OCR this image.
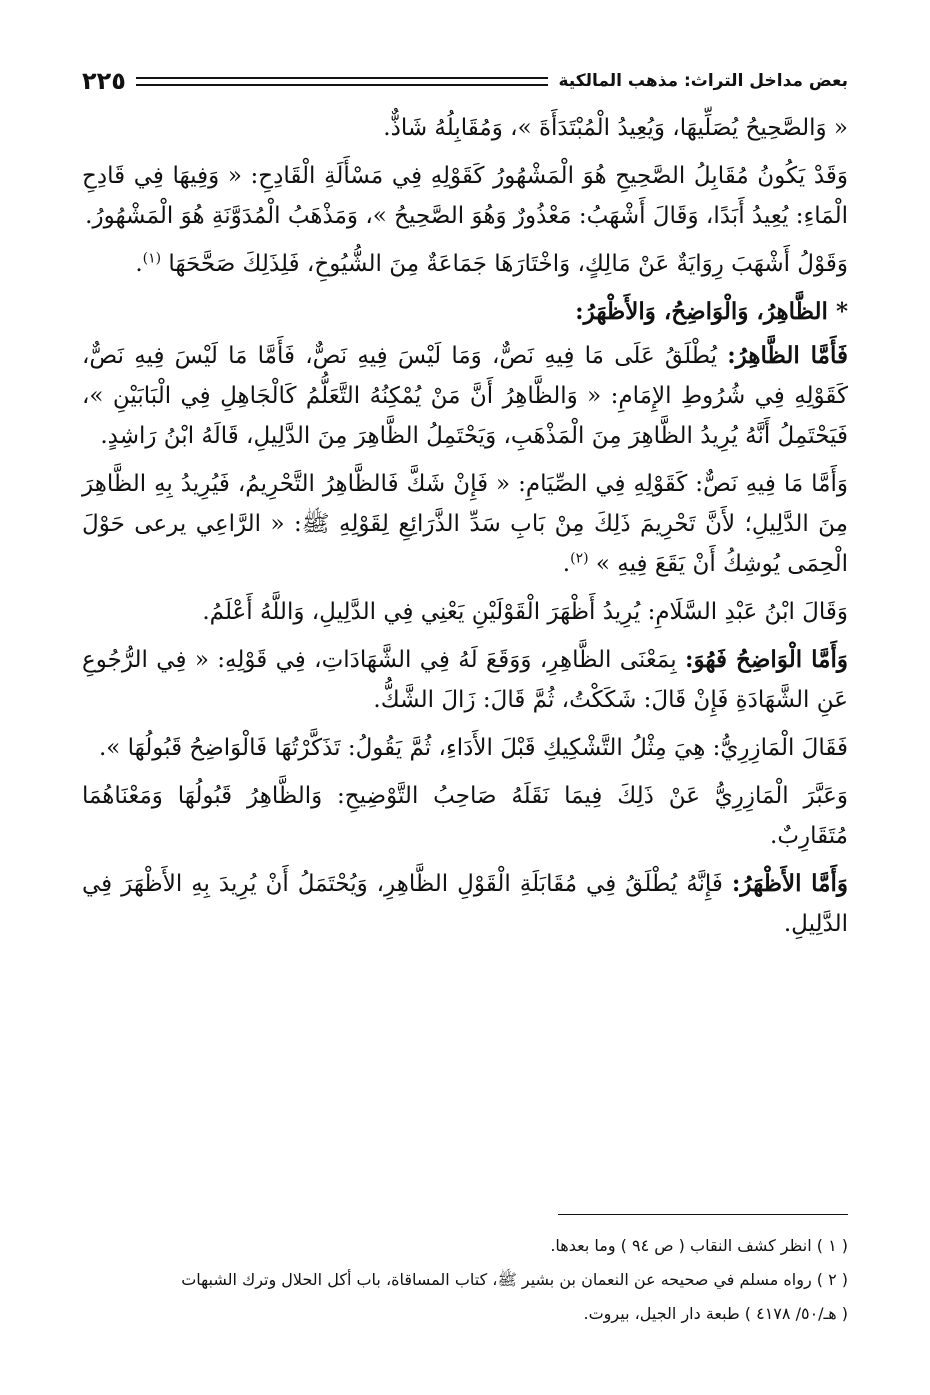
بعض مداخل التراث: مذهب المالكية
٢٢٥

« وَالصَّحِيحُ يُصَلِّيهَا، وَيُعِيدُ الْمُبْتَدَأَةَ »، وَمُقَابِلُهُ شَاذٌّ.

وَقَدْ يَكُونُ مُقَابِلُ الصَّحِيحِ هُوَ الْمَشْهُورُ كَقَوْلِهِ فِي مَسْأَلَةِ الْقَادِحِ: « وَفِيهَا فِي قَادِحِ الْمَاءِ: يُعِيدُ أَبَدًا، وَقَالَ أَشْهَبُ: مَعْذُورٌ وَهُوَ الصَّحِيحُ »، وَمَذْهَبُ الْمُدَوَّنَةِ هُوَ الْمَشْهُورُ.

وَقَوْلُ أَشْهَبَ رِوَايَةٌ عَنْ مَالِكٍ، وَاخْتَارَهَا جَمَاعَةٌ مِنَ الشُّيُوخِ، فَلِذَلِكَ صَحَّحَهَا $^{(١)}$.

* الظَّاهِرُ، وَالْوَاضِحُ، وَالأَظْهَرُ:

فَأَمَّا الظَّاهِرُ: يُطْلَقُ عَلَى مَا فِيهِ نَصٌّ، وَمَا لَيْسَ فِيهِ نَصٌّ، فَأَمَّا مَا لَيْسَ فِيهِ نَصٌّ، كَقَوْلِهِ فِي شُرُوطِ الإِمَامِ: « وَالظَّاهِرُ أَنَّ مَنْ يُمْكِنُهُ التَّعَلُّمُ كَالْجَاهِلِ فِي الْبَابَيْنِ »، فَيَحْتَمِلُ أَنَّهُ يُرِيدُ الظَّاهِرَ مِنَ الْمَذْهَبِ، وَيَحْتَمِلُ الظَّاهِرَ مِنَ الدَّلِيلِ، قَالَهُ ابْنُ رَاشِدٍ.

وَأَمَّا مَا فِيهِ نَصٌّ: كَقَوْلِهِ فِي الصِّيَامِ: « فَإِنْ شَكَّ فَالظَّاهِرُ التَّحْرِيمُ، فَيُرِيدُ بِهِ الظَّاهِرَ مِنَ الدَّلِيلِ؛ لأَنَّ تَحْرِيمَ ذَلِكَ مِنْ بَابِ سَدِّ الذَّرَائِعِ لِقَوْلِهِ ﷺ: « الرَّاعِي يرعى حَوْلَ الْحِمَى يُوشِكُ أَنْ يَقَعَ فِيهِ » $^{(٢)}$.

وَقَالَ ابْنُ عَبْدِ السَّلَامِ: يُرِيدُ أَظْهَرَ الْقَوْلَيْنِ يَعْنِي فِي الدَّلِيلِ، وَاللَّهُ أَعْلَمُ.

وَأَمَّا الْوَاضِحُ فَهُوَ: بِمَعْنَى الظَّاهِرِ، وَوَقَعَ لَهُ فِي الشَّهَادَاتِ، فِي قَوْلِهِ: « فِي الرُّجُوعِ عَنِ الشَّهَادَةِ فَإِنْ قَالَ: شَكَكْتُ، ثُمَّ قَالَ: زَالَ الشَّكُّ.

فَقَالَ الْمَازِرِيُّ: هِيَ مِثْلُ التَّشْكِيكِ قَبْلَ الأَدَاءِ، ثُمَّ يَقُولُ: تَذَكَّرْتُهَا فَالْوَاضِحُ قَبُولُهَا ».

وَعَبَّرَ الْمَازِرِيُّ عَنْ ذَلِكَ فِيمَا نَقَلَهُ صَاحِبُ التَّوْضِيحِ: وَالظَّاهِرُ قَبُولُهَا وَمَعْنَاهُمَا مُتَقَارِبٌ.

وَأَمَّا الأَظْهَرُ: فَإِنَّهُ يُطْلَقُ فِي مُقَابَلَةِ الْقَوْلِ الظَّاهِرِ، وَيُحْتَمَلُ أَنْ يُرِيدَ بِهِ الأَظْهَرَ فِي الدَّلِيلِ.

( ١ ) انظر كشف النقاب ( ص ٩٤ ) وما بعدها.

( ٢ ) رواه مسلم في صحيحه عن النعمان بن بشير ﷺ، كتاب المساقاة، باب أكل الحلال وترك الشبهات

( هـ/٥٠/ ٤١٧٨ ) طبعة دار الجيل، بيروت.
